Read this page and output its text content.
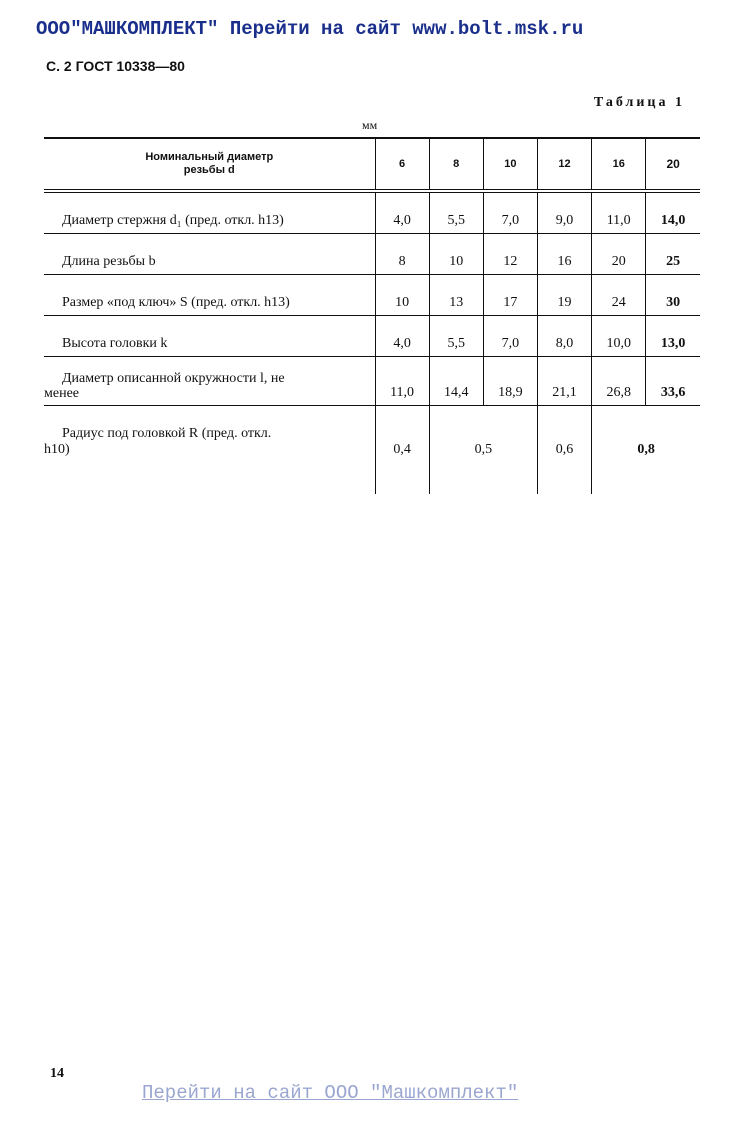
ООО"МАШКОМПЛЕКТ" Перейти на сайт www.bolt.msk.ru
С. 2 ГОСТ 10338—80
Таблица 1
мм
Номинальный диаметр
резьбы d	6	8	10	12	16	20
Диаметр стержня d₁ (пред. откл. h13)	4,0	5,5	7,0	9,0	11,0	14,0
Длина резьбы b	8	10	12	16	20	25
Размер «под ключ» S (пред. откл. h13)	10	13	17	19	24	30
Высота головки k	4,0	5,5	7,0	8,0	10,0	13,0
Диаметр описанной окружности l, не
менее	11,0	14,4	18,9	21,1	26,8	33,6
Радиус под головкой R (пред. откл.
h10)	0,4	0,5		0,6	0,8	
14
Перейти на сайт ООО "Машкомплект"
